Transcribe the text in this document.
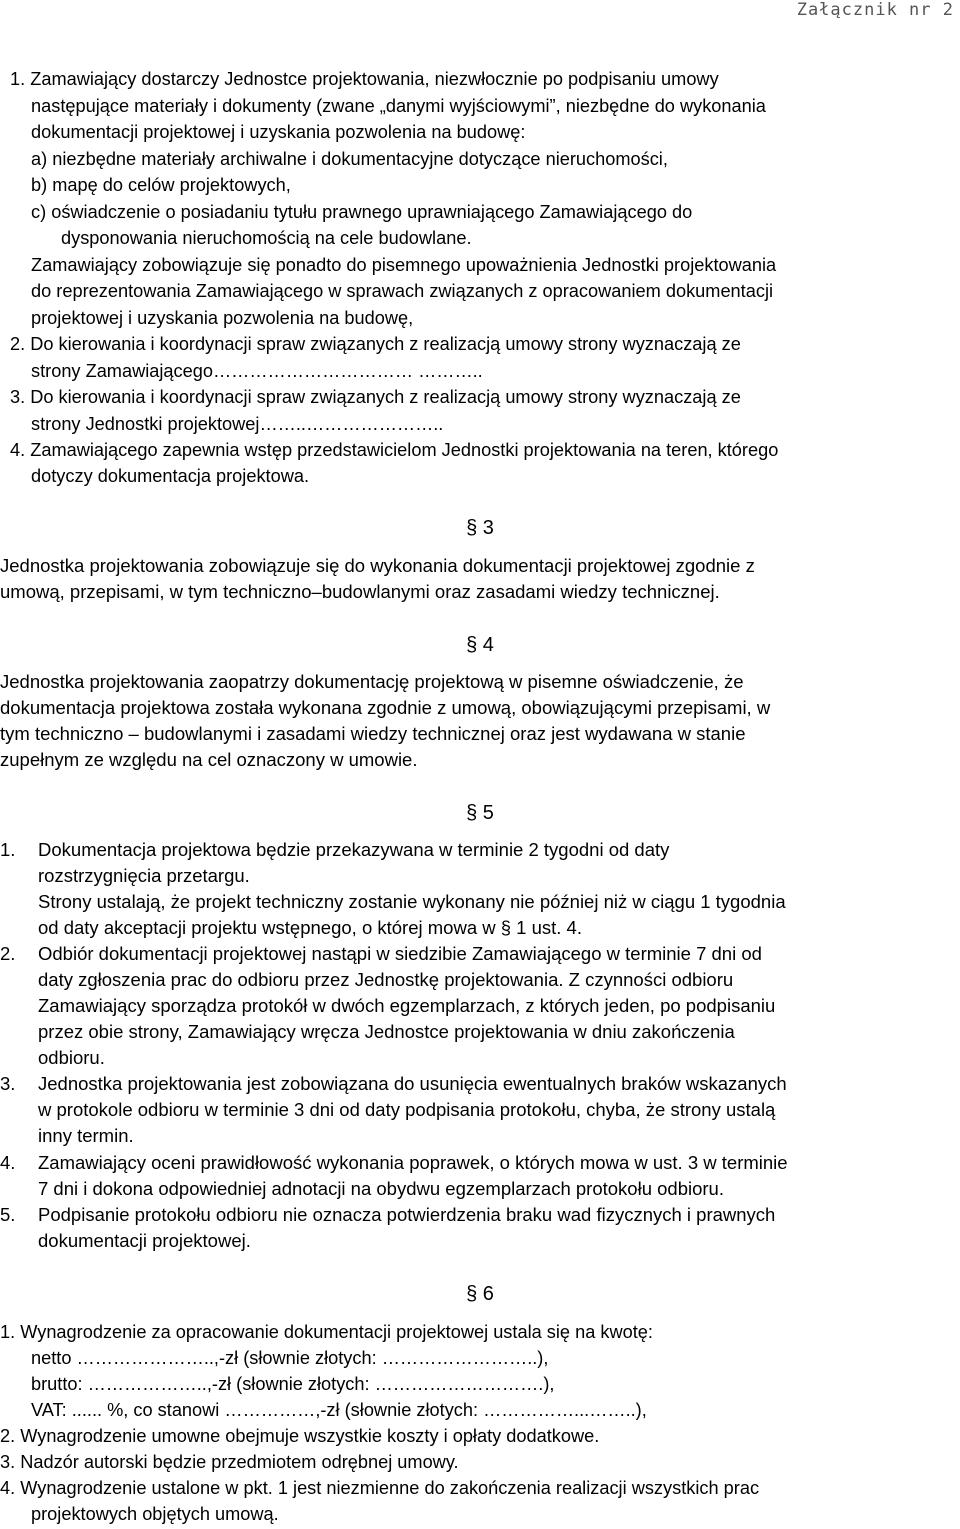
Załącznik nr 2
1. Zamawiający dostarczy Jednostce projektowania, niezwłocznie po podpisaniu umowy
następujące materiały i dokumenty (zwane „danymi wyjściowymi”, niezbędne do wykonania
dokumentacji projektowej i uzyskania pozwolenia na budowę:
a) niezbędne materiały archiwalne i dokumentacyjne dotyczące nieruchomości,
b) mapę do celów projektowych,
c) oświadczenie o posiadaniu tytułu prawnego uprawniającego Zamawiającego do
dysponowania nieruchomością na cele budowlane.
Zamawiający zobowiązuje się ponadto do pisemnego upoważnienia Jednostki projektowania
do reprezentowania Zamawiającego w sprawach związanych z opracowaniem dokumentacji
projektowej i uzyskania pozwolenia na budowę,
2. Do kierowania i koordynacji spraw związanych z realizacją umowy strony wyznaczają ze
strony Zamawiającego…………………………… ………..
3. Do kierowania i koordynacji spraw związanych z realizacją umowy strony wyznaczają ze
strony Jednostki projektowej……..…………………..
4. Zamawiającego zapewnia wstęp przedstawicielom Jednostki projektowania na teren, którego
dotyczy dokumentacja projektowa.
§ 3
Jednostka projektowania zobowiązuje się do wykonania dokumentacji projektowej zgodnie z
umową, przepisami, w tym techniczno–budowlanymi oraz zasadami wiedzy technicznej.
§ 4
Jednostka projektowania zaopatrzy dokumentację projektową w pisemne oświadczenie, że
dokumentacja projektowa została wykonana zgodnie z umową, obowiązującymi przepisami, w
tym techniczno – budowlanymi i zasadami wiedzy technicznej oraz jest wydawana w stanie
zupełnym ze względu na cel oznaczony w umowie.
§ 5
1. Dokumentacja projektowa będzie przekazywana w terminie 2 tygodni od daty
rozstrzygnięcia przetargu.
Strony ustalają, że projekt techniczny zostanie wykonany nie później niż w ciągu 1 tygodnia
od daty akceptacji projektu wstępnego, o której mowa w § 1 ust. 4.
2. Odbiór dokumentacji projektowej nastąpi w siedzibie Zamawiającego w terminie 7 dni od
daty zgłoszenia prac do odbioru przez Jednostkę projektowania. Z czynności odbioru
Zamawiający sporządza protokół w dwóch egzemplarzach, z których jeden, po podpisaniu
przez obie strony, Zamawiający wręcza Jednostce projektowania w dniu zakończenia
odbioru.
3. Jednostka projektowania jest zobowiązana do usunięcia ewentualnych braków wskazanych
w protokole odbioru w terminie 3 dni od daty podpisania protokołu, chyba, że strony ustalą
inny termin.
4. Zamawiający oceni prawidłowość wykonania poprawek, o których mowa w ust. 3 w terminie
7 dni i dokona odpowiedniej adnotacji na obydwu egzemplarzach protokołu odbioru.
5. Podpisanie protokołu odbioru nie oznacza potwierdzenia braku wad fizycznych i prawnych
dokumentacji projektowej.
§ 6
1. Wynagrodzenie za opracowanie dokumentacji projektowej ustala się na kwotę:
netto …………………..,-zł (słownie złotych: ……………………..),
brutto: ………………..,-zł (słownie złotych: ……………………….),
VAT: ...... %, co stanowi ……………,-zł (słownie złotych: ……………...……..),
2. Wynagrodzenie umowne obejmuje wszystkie koszty i opłaty dodatkowe.
3. Nadzór autorski będzie przedmiotem odrębnej umowy.
4. Wynagrodzenie ustalone w pkt. 1 jest niezmienne do zakończenia realizacji wszystkich prac
projektowych objętych umową.
